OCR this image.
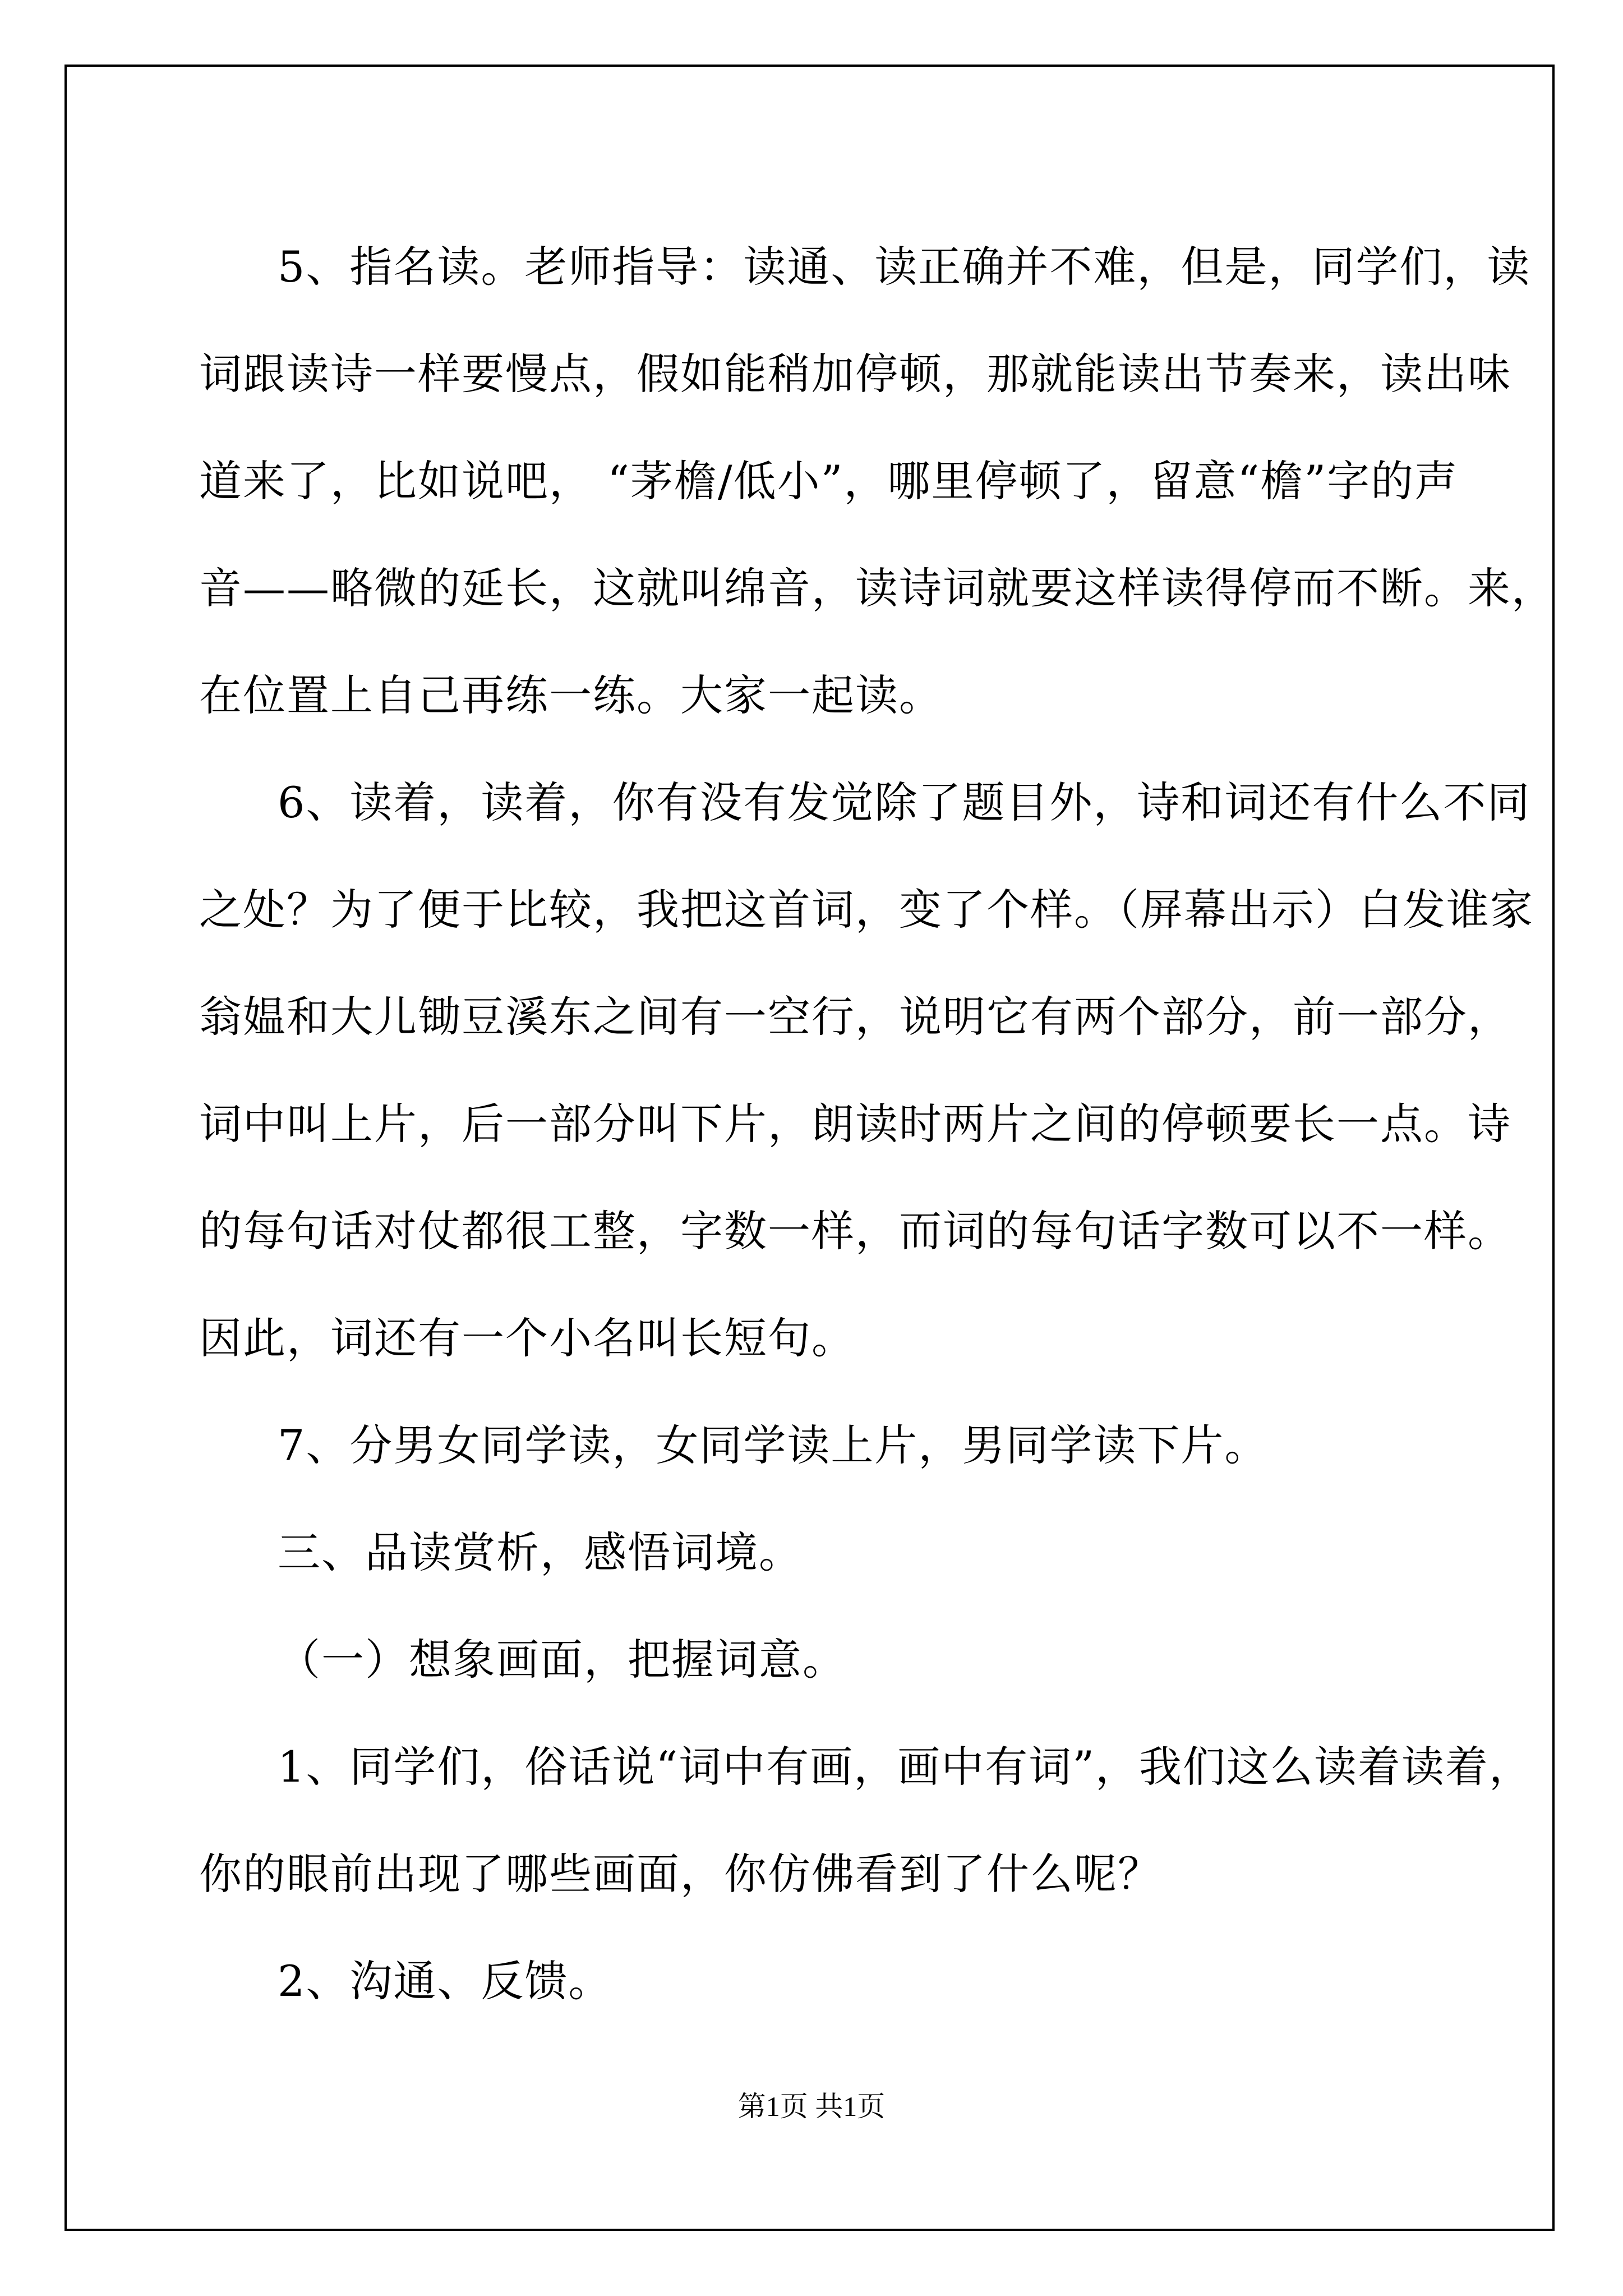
5、指名读。老师指导：读通、读正确并不难，但是，同学们，读
词跟读诗一样要慢点，假如能稍加停顿，那就能读出节奏来，读出味
道来了，比如说吧， “茅檐/低小”，哪里停顿了，留意“檐”字的声
音——略微的延长，这就叫绵音，读诗词就要这样读得停而不断。来，
在位置上自己再练一练。大家一起读。
6、读着，读着，你有没有发觉除了题目外，诗和词还有什么不同
之处？为了便于比较，我把这首词，变了个样。（屏幕出示）白发谁家
翁媪和大儿锄豆溪东之间有一空行，说明它有两个部分，前一部分，
词中叫上片，后一部分叫下片，朗读时两片之间的停顿要长一点。诗
的每句话对仗都很工整，字数一样，而词的每句话字数可以不一样。
因此，词还有一个小名叫长短句。
7、分男女同学读，女同学读上片，男同学读下片。
三、品读赏析，感悟词境。
（一）想象画面，把握词意。
1、同学们，俗话说“词中有画，画中有词”，我们这么读着读着，
你的眼前出现了哪些画面，你仿佛看到了什么呢？
2、沟通、反馈。
第1页 共1页
